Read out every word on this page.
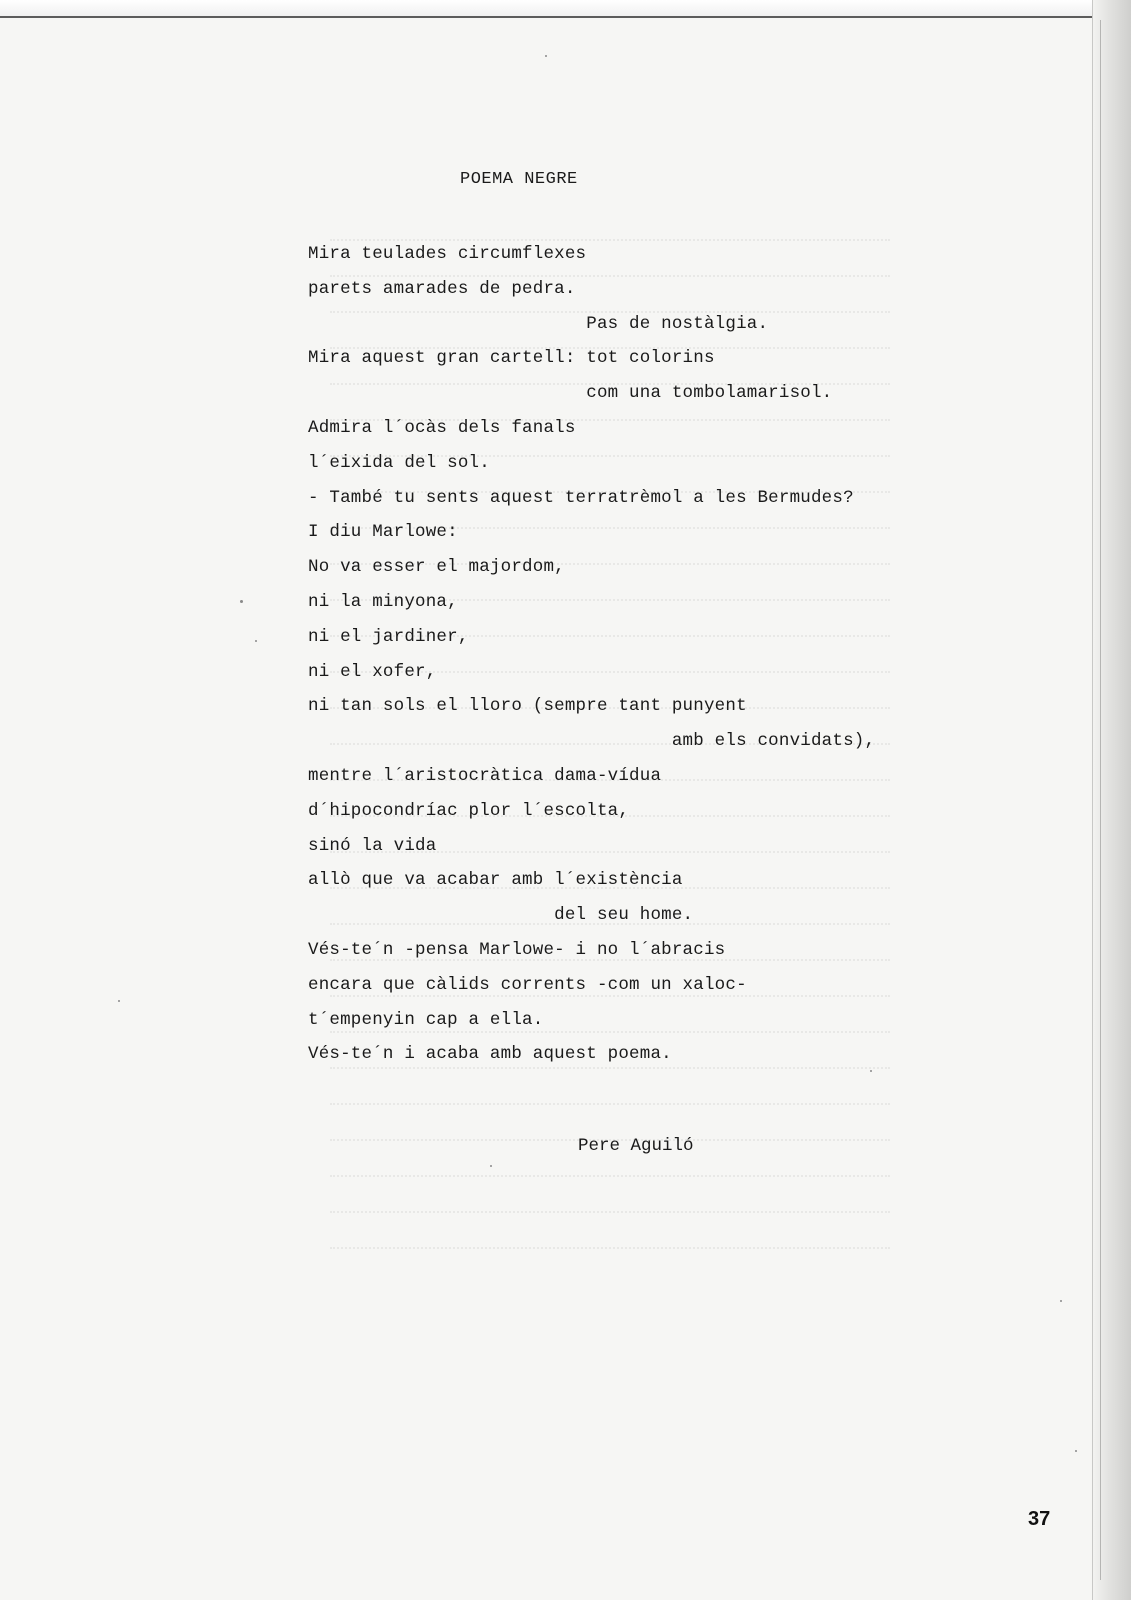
POEMA NEGRE
Mira teulades circumflexes
parets amarades de pedra.
Pas de nostàlgia.
Mira aquest gran cartell: tot colorins
com una tombolamarisol.
Admira l´ocàs dels fanals
l´eixida del sol.
- També tu sents aquest terratrèmol a les Bermudes?
I diu Marlowe:
No va esser el majordom,
ni la minyona,
ni el jardiner,
ni el xofer,
ni tan sols el lloro (sempre tant punyent
amb els convidats),
mentre l´aristocràtica dama-vídua
d´hipocondríac plor l´escolta,
sinó la vida
allò que va acabar amb l´existència
del seu home.
Vés-te´n -pensa Marlowe- i no l´abracis
encara que càlids corrents -com un xaloc-
t´empenyin cap a ella.
Vés-te´n i acaba amb aquest poema.
Pere Aguiló
37
